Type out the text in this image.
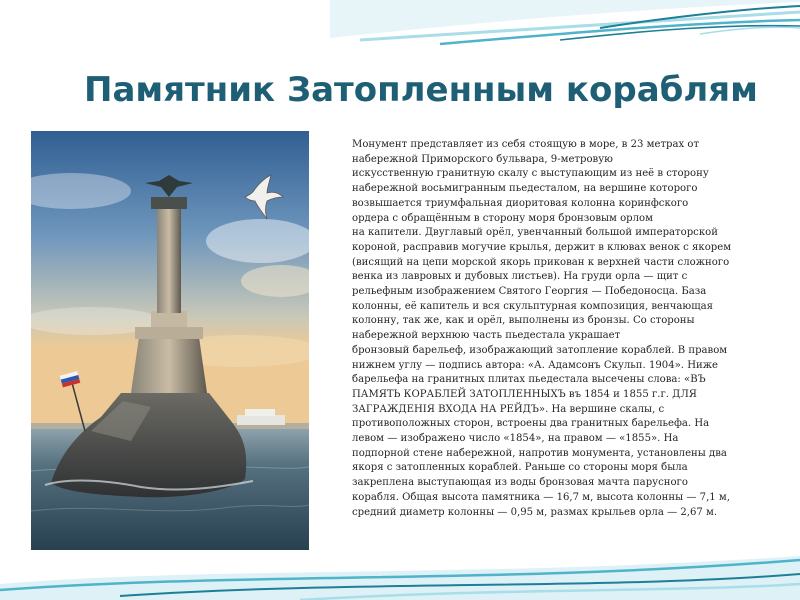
Памятник Затопленным кораблям
Монумент представляет из себя стоящую в море, в 23 метрах от
набережной Приморского бульвара, 9-метровую
искусственную гранитную скалу с выступающим из неё в сторону
набережной восьмигранным пьедесталом, на вершине которого
возвышается триумфальная диоритовая колонна коринфского
ордера с обращённым в сторону моря бронзовым орлом
на капители. Двуглавый орёл, увенчанный большой императорской
короной, расправив могучие крылья, держит в клювах венок с якорем
(висящий на цепи морской якорь прикован к верхней части сложного
венка из лавровых и дубовых листьев). На груди орла — щит с
рельефным изображением Святого Георгия — Победоносца. База
колонны, её капитель и вся скульптурная композиция, венчающая
колонну, так же, как и орёл, выполнены из бронзы. Со стороны
набережной верхнюю часть пьедестала украшает
бронзовый барельеф, изображающий затопление кораблей. В правом
нижнем углу — подпись автора: «А. Адамсонъ Скульп. 1904». Ниже
барельефа на гранитных плитах пьедестала высечены слова: «ВЪ
ПАМЯТЬ КОРАБЛЕЙ ЗАТОПЛЕННЫХЪ въ 1854 и 1855 г.г. ДЛЯ
ЗАГРАЖДЕНIЯ ВХОДА НА РЕЙДЪ». На вершине скалы, с
противоположных сторон, встроены два гранитных барельефа. На
левом — изображено число «1854», на правом — «1855». На
подпорной стене набережной, напротив монумента, установлены два
якоря с затопленных кораблей. Раньше со стороны моря была
закреплена выступающая из воды бронзовая мачта парусного
корабля. Общая высота памятника — 16,7 м, высота колонны — 7,1 м,
средний диаметр колонны — 0,95 м, размах крыльев орла — 2,67 м.
